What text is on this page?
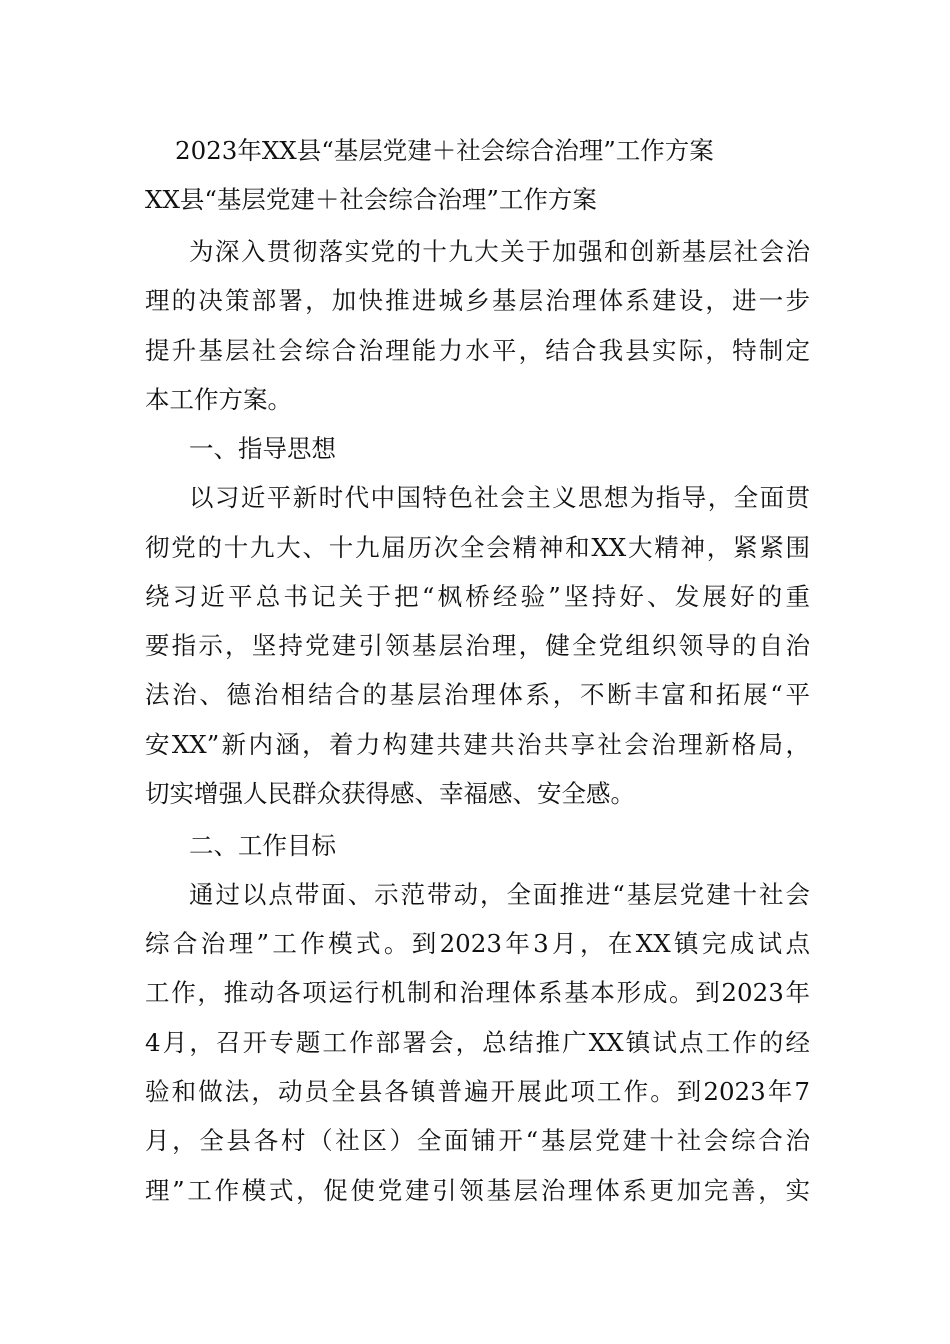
2023年XX县“基层党建＋社会综合治理”工作方案
XX县“基层党建＋社会综合治理”工作方案
为深入贯彻落实党的十九大关于加强和创新基层社会治
理的决策部署，加快推进城乡基层治理体系建设，进一步
提升基层社会综合治理能力水平，结合我县实际，特制定
本工作方案。
一、指导思想
以习近平新时代中国特色社会主义思想为指导，全面贯
彻党的十九大、十九届历次全会精神和XX大精神，紧紧围
绕习近平总书记关于把“枫桥经验”坚持好、发展好的重
要指示，坚持党建引领基层治理，健全党组织领导的自治
法治、德治相结合的基层治理体系，不断丰富和拓展“平
安XX”新内涵，着力构建共建共治共享社会治理新格局，
切实增强人民群众获得感、幸福感、安全感。
二、工作目标
通过以点带面、示范带动，全面推进“基层党建十社会
综合治理”工作模式。到2023年3月，在XX镇完成试点
工作，推动各项运行机制和治理体系基本形成。到2023年
4月，召开专题工作部署会，总结推广XX镇试点工作的经
验和做法，动员全县各镇普遍开展此项工作。到2023年7
月，全县各村（社区）全面铺开“基层党建十社会综合治
理”工作模式，促使党建引领基层治理体系更加完善，实
